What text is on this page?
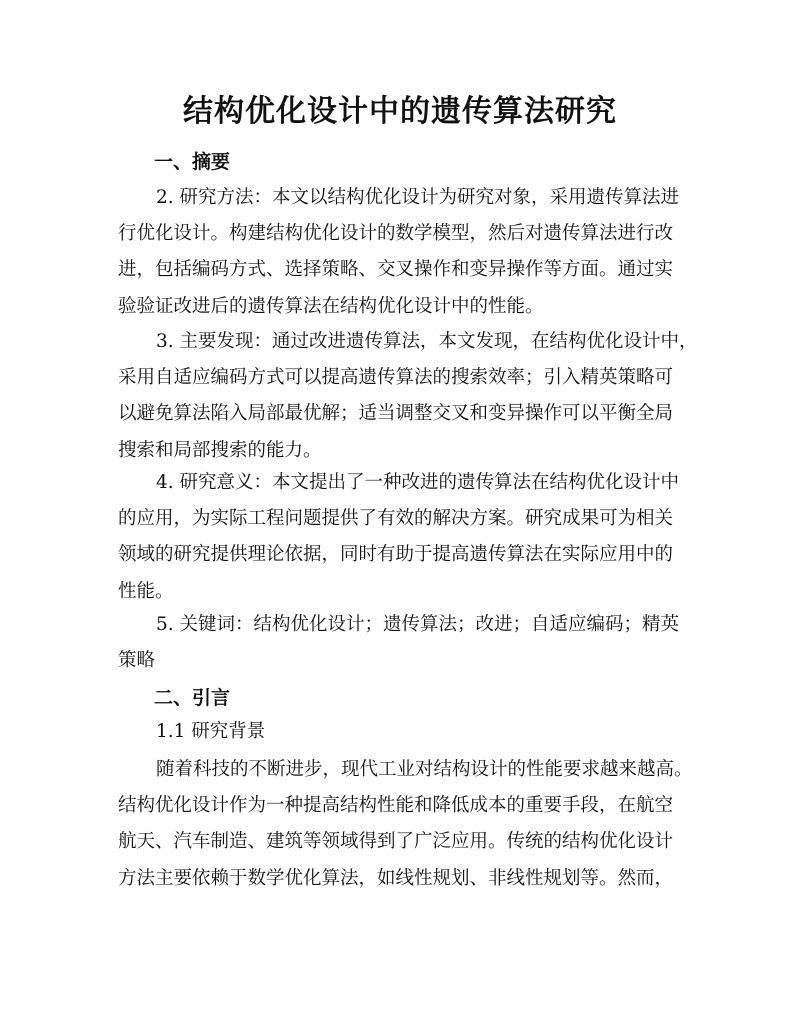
结构优化设计中的遗传算法研究
一、摘要
2. 研究方法：本文以结构优化设计为研究对象，采用遗传算法进
行优化设计。构建结构优化设计的数学模型，然后对遗传算法进行改
进，包括编码方式、选择策略、交叉操作和变异操作等方面。通过实
验验证改进后的遗传算法在结构优化设计中的性能。
3. 主要发现：通过改进遗传算法，本文发现，在结构优化设计中，
采用自适应编码方式可以提高遗传算法的搜索效率；引入精英策略可
以避免算法陷入局部最优解；适当调整交叉和变异操作可以平衡全局
搜索和局部搜索的能力。
4. 研究意义：本文提出了一种改进的遗传算法在结构优化设计中
的应用，为实际工程问题提供了有效的解决方案。研究成果可为相关
领域的研究提供理论依据，同时有助于提高遗传算法在实际应用中的
性能。
5. 关键词：结构优化设计；遗传算法；改进；自适应编码；精英
策略
二、引言
1.1 研究背景
随着科技的不断进步，现代工业对结构设计的性能要求越来越高。
结构优化设计作为一种提高结构性能和降低成本的重要手段，在航空
航天、汽车制造、建筑等领域得到了广泛应用。传统的结构优化设计
方法主要依赖于数学优化算法，如线性规划、非线性规划等。然而，
